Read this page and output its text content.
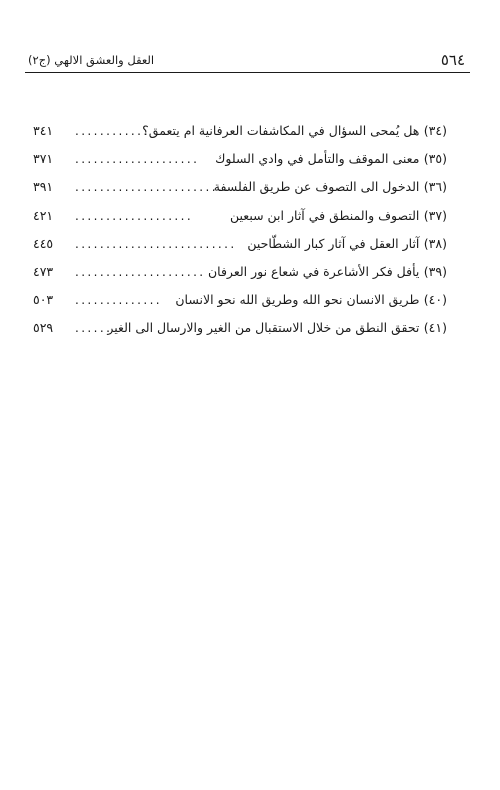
٥٦٤
العقل والعشق الالهي (ج٢)
(٣٤)هل يُمحى السؤال في المكاشفات العرفانية ام يتعمق؟
............
٣٤١
(٣٥)معنى الموقف والتأمل في وادي السلوك
....................
٣٧١
(٣٦)الدخول الى التصوف عن طريق الفلسفة
.........................
٣٩١
(٣٧)التصوف والمنطق في آثار ابن سبعين
...................
٤٢١
(٣٨)آثار العقل في آثار كبار الشطّاحين
..........................
٤٤٥
(٣٩)يأفل فكر الأشاعرة في شعاع نور العرفان
.....................
٤٧٣
(٤٠)طريق الانسان نحو الله وطريق الله نحو الانسان
..............
٥٠٣
(٤١)تحقق النطق من خلال الاستقبال من الغير والارسال الى الغير
......
٥٢٩
